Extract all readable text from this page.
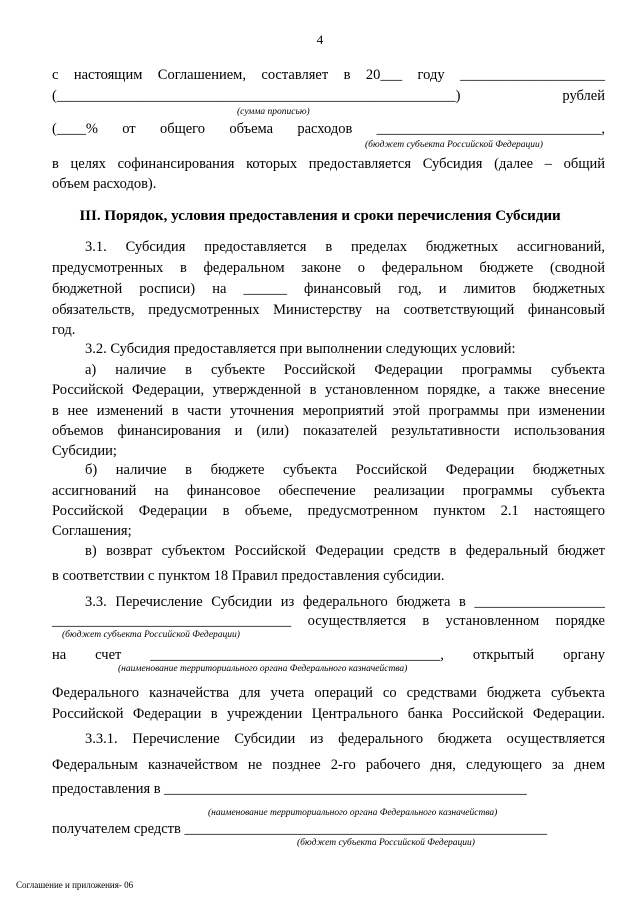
4
с настоящим Соглашением, составляет в 20___ году ____________________
(_______________________________________________________) рублей
(сумма прописью)
(____% от общего объема расходов _______________________________,
(бюджет субъекта Российской Федерации)
в целях софинансирования которых предоставляется Субсидия (далее – общий
объем расходов).
III. Порядок, условия предоставления и сроки перечисления Субсидии
3.1. Субсидия предоставляется в пределах бюджетных ассигнований,
предусмотренных в федеральном законе о федеральном бюджете (сводной
бюджетной росписи) на ______ финансовый год, и лимитов бюджетных
обязательств, предусмотренных Министерству на соответствующий финансовый
год.
3.2. Субсидия предоставляется при выполнении следующих условий:
а) наличие в субъекте Российской Федерации программы субъекта
Российской Федерации, утвержденной в установленном порядке, а также внесение
в нее изменений в части уточнения мероприятий этой программы при изменении
объемов финансирования и (или) показателей результативности использования
Субсидии;
б) наличие в бюджете субъекта Российской Федерации бюджетных
ассигнований на финансовое обеспечение реализации программы субъекта
Российской Федерации в объеме, предусмотренном пунктом 2.1 настоящего
Соглашения;
в) возврат субъектом Российской Федерации средств в федеральный бюджет
в соответствии с пунктом 18 Правил предоставления субсидии.
3.3. Перечисление Субсидии из федерального бюджета в __________________
_________________________________ осуществляется в установленном порядке
(бюджет субъекта Российской Федерации)
на счет ________________________________________, открытый органу
(наименование территориального органа Федерального казначейства)
Федерального казначейства для учета операций со средствами бюджета субъекта
Российской Федерации в учреждении Центрального банка Российской Федерации.
3.3.1. Перечисление Субсидии из федерального бюджета осуществляется
Федеральным казначейством не позднее 2-го рабочего дня, следующего за днем
предоставления в __________________________________________________
(наименование территориального органа Федерального казначейства)
получателем средств __________________________________________________
(бюджет субъекта Российской Федерации)
Соглашение и приложения- 06
